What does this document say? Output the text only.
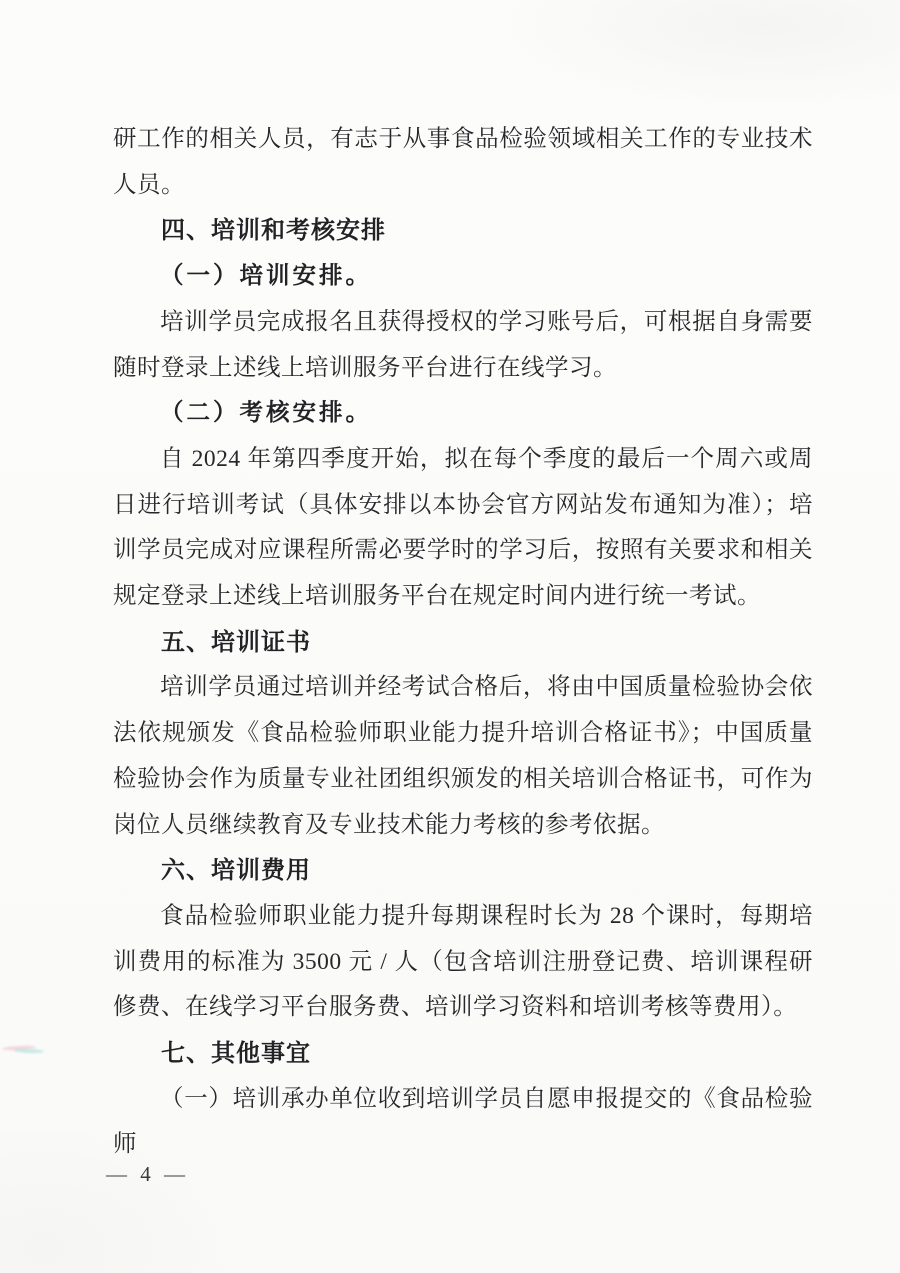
研工作的相关人员，有志于从事食品检验领域相关工作的专业技术人员。

四、培训和考核安排

（一）培训安排。

培训学员完成报名且获得授权的学习账号后，可根据自身需要随时登录上述线上培训服务平台进行在线学习。

（二）考核安排。

自 2024 年第四季度开始，拟在每个季度的最后一个周六或周日进行培训考试（具体安排以本协会官方网站发布通知为准）；培训学员完成对应课程所需必要学时的学习后，按照有关要求和相关规定登录上述线上培训服务平台在规定时间内进行统一考试。

五、培训证书

培训学员通过培训并经考试合格后，将由中国质量检验协会依法依规颁发《食品检验师职业能力提升培训合格证书》；中国质量检验协会作为质量专业社团组织颁发的相关培训合格证书，可作为岗位人员继续教育及专业技术能力考核的参考依据。

六、培训费用

食品检验师职业能力提升每期课程时长为 28 个课时，每期培训费用的标准为 3500 元 / 人（包含培训注册登记费、培训课程研修费、在线学习平台服务费、培训学习资料和培训考核等费用）。

七、其他事宜

（一）培训承办单位收到培训学员自愿申报提交的《食品检验师

— 4 —
